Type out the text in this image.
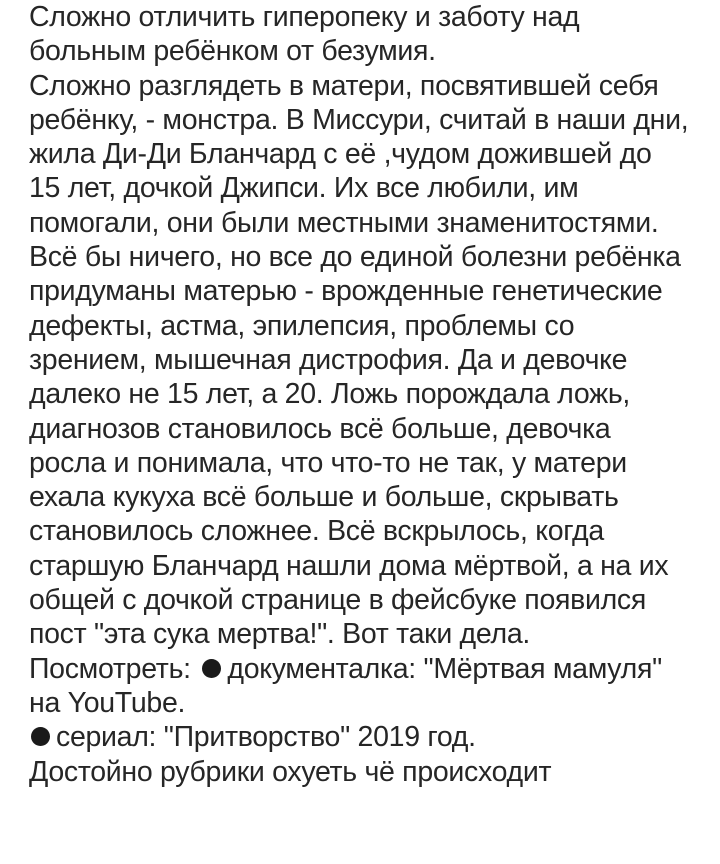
Сложно отличить гиперопеку и заботу над
больным ребёнком от безумия.
Сложно разглядеть в матери, посвятившей себя
ребёнку, - монстра. В Миссури, считай в наши дни,
жила Ди-Ди Бланчард с её ,чудом дожившей до
15 лет, дочкой Джипси. Их все любили, им
помогали, они были местными знаменитостями.
Всё бы ничего, но все до единой болезни ребёнка
придуманы матерью - врожденные генетические
дефекты, астма, эпилепсия, проблемы со
зрением, мышечная дистрофия. Да и девочке
далеко не 15 лет, а 20. Ложь порождала ложь,
диагнозов становилось всё больше, девочка
росла и понимала, что что-то не так, у матери
ехала кукуха всё больше и больше, скрывать
становилось сложнее. Всё вскрылось, когда
старшую Бланчард нашли дома мёртвой, а на их
общей с дочкой странице в фейсбуке появился
пост "эта сука мертва!". Вот таки дела.
Посмотреть: документалка: "Мёртвая мамуля"
на YouTube.
сериал: "Притворство" 2019 год.
Достойно рубрики охуеть чё происходит
